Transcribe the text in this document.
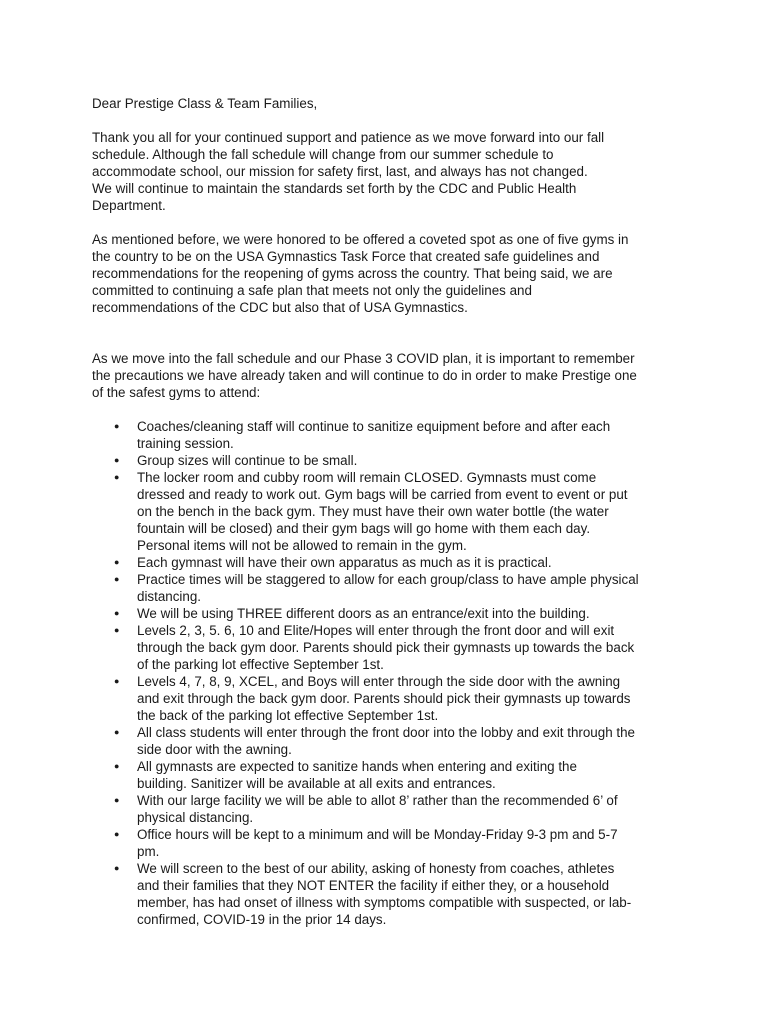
Dear Prestige Class & Team Families,

Thank you all for your continued support and patience as we move forward into our fall
schedule. Although the fall schedule will change from our summer schedule to
accommodate school, our mission for safety first, last, and always has not changed.
We will continue to maintain the standards set forth by the CDC and Public Health
Department.

As mentioned before, we were honored to be offered a coveted spot as one of five gyms in
the country to be on the USA Gymnastics Task Force that created safe guidelines and
recommendations for the reopening of gyms across the country. That being said, we are
committed to continuing a safe plan that meets not only the guidelines and
recommendations of the CDC but also that of USA Gymnastics.

As we move into the fall schedule and our Phase 3 COVID plan, it is important to remember
the precautions we have already taken and will continue to do in order to make Prestige one
of the safest gyms to attend:

● Coaches/cleaning staff will continue to sanitize equipment before and after each
training session.
● Group sizes will continue to be small.
● The locker room and cubby room will remain CLOSED. Gymnasts must come
dressed and ready to work out. Gym bags will be carried from event to event or put
on the bench in the back gym. They must have their own water bottle (the water
fountain will be closed) and their gym bags will go home with them each day.
Personal items will not be allowed to remain in the gym.
● Each gymnast will have their own apparatus as much as it is practical.
● Practice times will be staggered to allow for each group/class to have ample physical
distancing.
● We will be using THREE different doors as an entrance/exit into the building.
● Levels 2, 3, 5. 6, 10 and Elite/Hopes will enter through the front door and will exit
through the back gym door. Parents should pick their gymnasts up towards the back
of the parking lot effective September 1st.
● Levels 4, 7, 8, 9, XCEL, and Boys will enter through the side door with the awning
and exit through the back gym door. Parents should pick their gymnasts up towards
the back of the parking lot effective September 1st.
● All class students will enter through the front door into the lobby and exit through the
side door with the awning.
● All gymnasts are expected to sanitize hands when entering and exiting the
building. Sanitizer will be available at all exits and entrances.
● With our large facility we will be able to allot 8’ rather than the recommended 6’ of
physical distancing.
● Office hours will be kept to a minimum and will be Monday-Friday 9-3 pm and 5-7
pm.
● We will screen to the best of our ability, asking of honesty from coaches, athletes
and their families that they NOT ENTER the facility if either they, or a household
member, has had onset of illness with symptoms compatible with suspected, or lab-
confirmed, COVID-19 in the prior 14 days.
